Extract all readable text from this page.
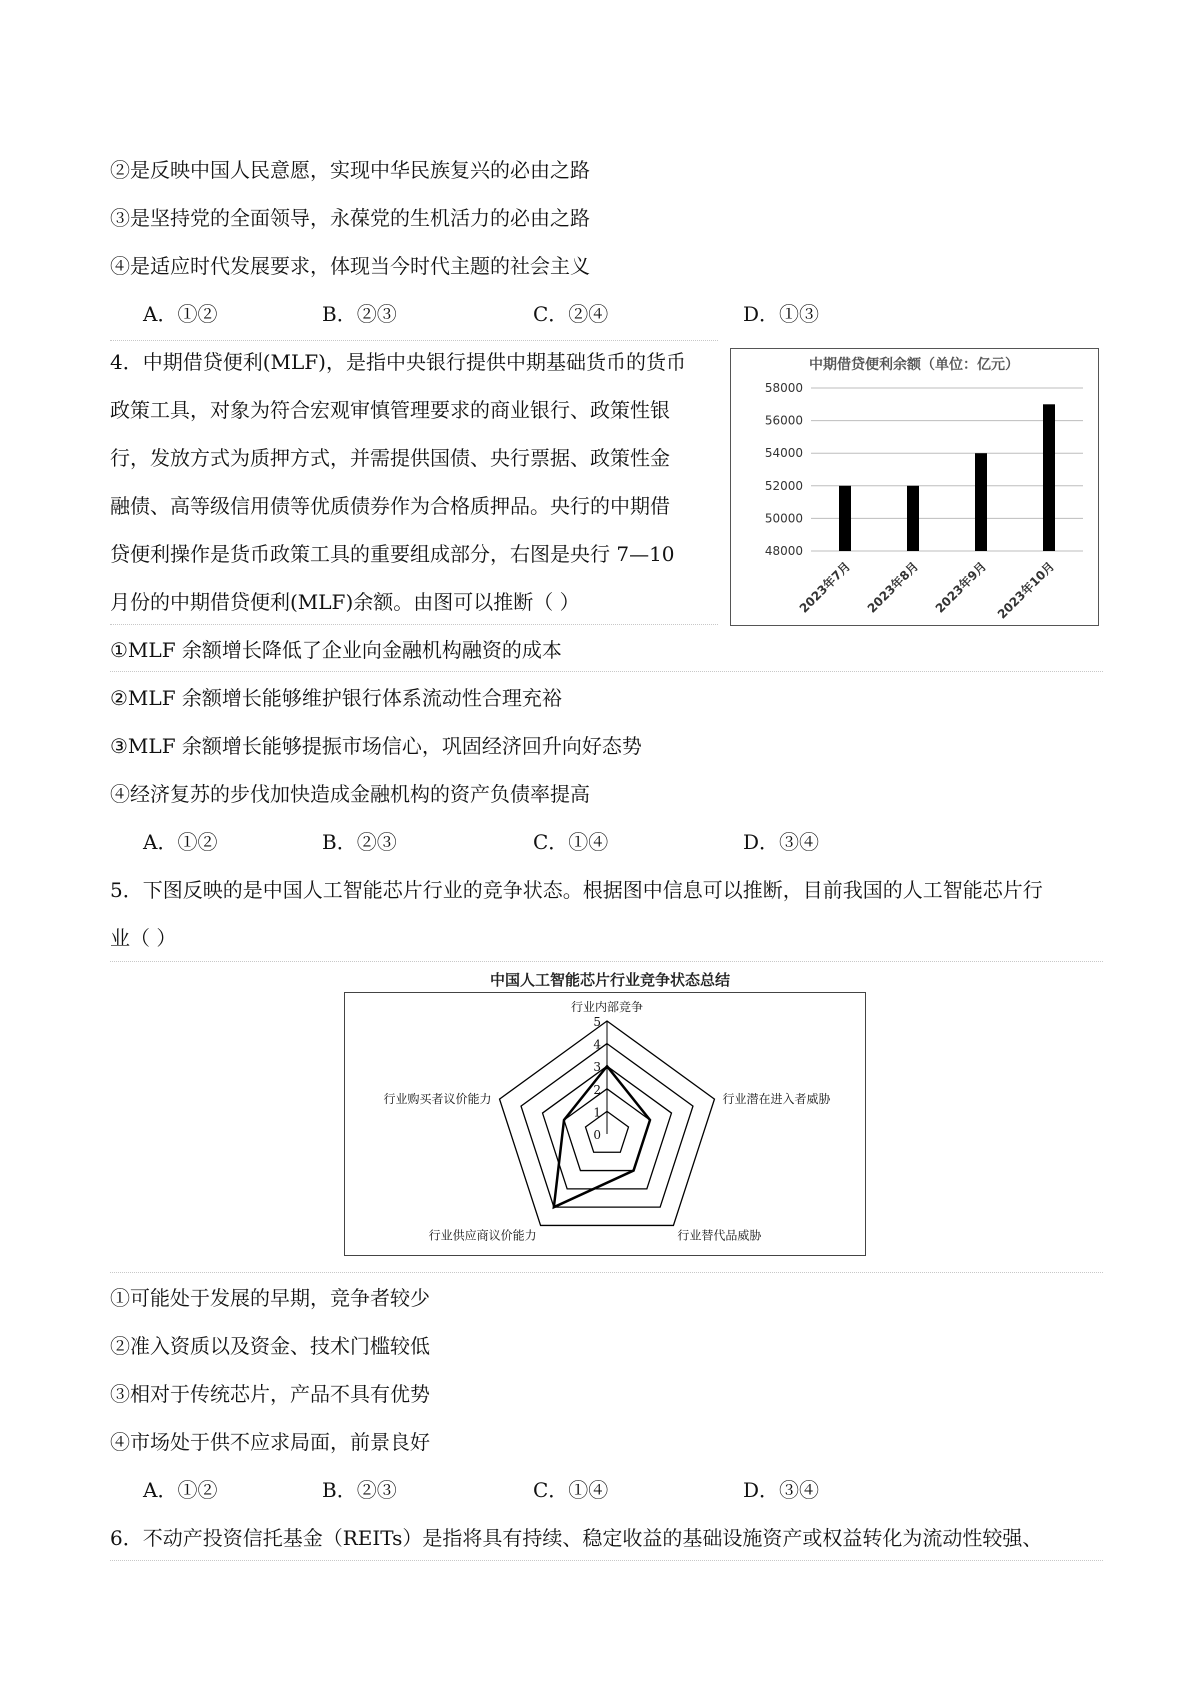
②是反映中国人民意愿，实现中华民族复兴的必由之路
③是坚持党的全面领导，永葆党的生机活力的必由之路
④是适应时代发展要求，体现当今时代主题的社会主义
A．①②	B．②③	C．②④	D．①③
4．中期借贷便利(MLF)，是指中央银行提供中期基础货币的货币
政策工具，对象为符合宏观审慎管理要求的商业银行、政策性银
行，发放方式为质押方式，并需提供国债、央行票据、政策性金
融债、高等级信用债等优质债券作为合格质押品。央行的中期借
贷便利操作是货币政策工具的重要组成部分，右图是央行 7—10
月份的中期借贷便利(MLF)余额。由图可以推断（ ）
中期借贷便利余额（单位：亿元）
58000
56000
54000
52000
50000
48000
2023年7月 2023年8月 2023年9月 2023年10月
①MLF 余额增长降低了企业向金融机构融资的成本
②MLF 余额增长能够维护银行体系流动性合理充裕
③MLF 余额增长能够提振市场信心，巩固经济回升向好态势
④经济复苏的步伐加快造成金融机构的资产负债率提高
A．①②	B．②③	C．①④	D．③④
5．下图反映的是中国人工智能芯片行业的竞争状态。根据图中信息可以推断，目前我国的人工智能芯片行
业（ ）
中国人工智能芯片行业竞争状态总结
0
1
2
3
4
5
行业内部竞争
行业潜在进入者威胁
行业替代品威胁
行业供应商议价能力
行业购买者议价能力
①可能处于发展的早期，竞争者较少
②准入资质以及资金、技术门槛较低
③相对于传统芯片，产品不具有优势
④市场处于供不应求局面，前景良好
A．①②	B．②③	C．①④	D．③④
6．不动产投资信托基金（REITs）是指将具有持续、稳定收益的基础设施资产或权益转化为流动性较强、
